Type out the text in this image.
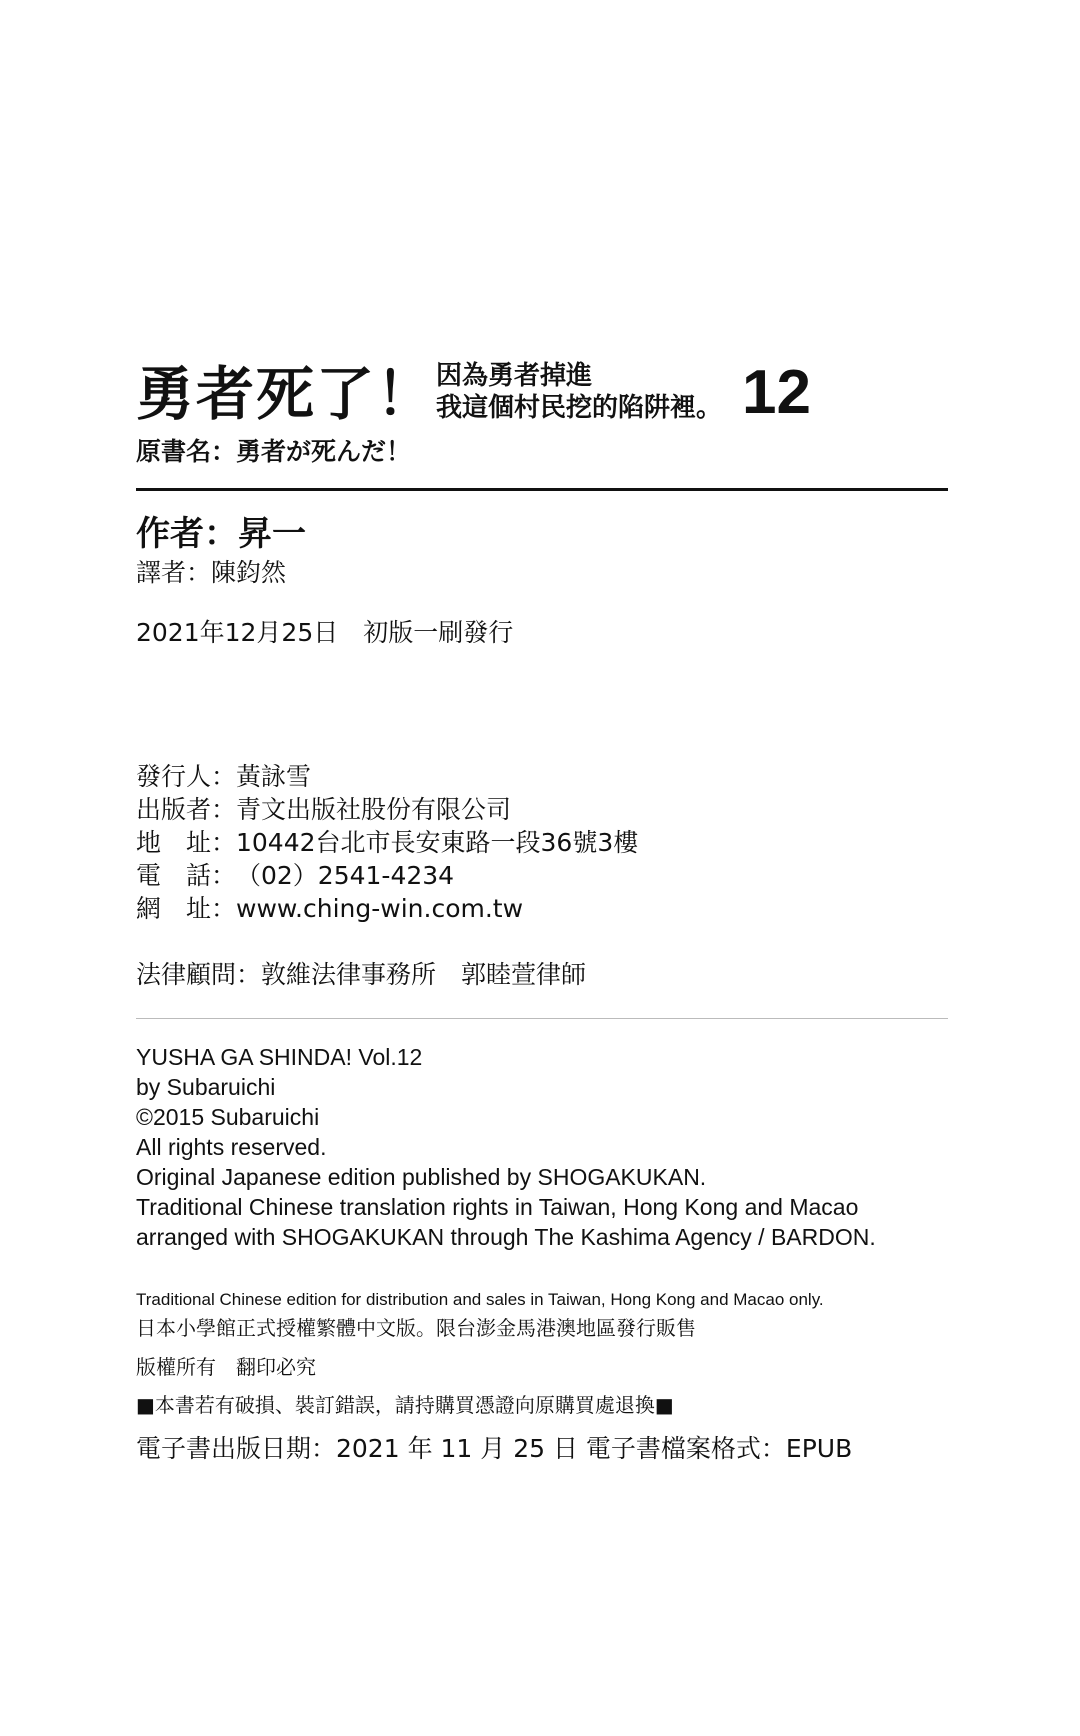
勇者死了！ 因為勇者掉進
我這個村民挖的陷阱裡。 12
原書名：勇者が死んだ！
作者：昇一
譯者：陳鈞然
2021年12月25日　初版一刷發行
發行人： 黃詠雪
出版者： 青文出版社股份有限公司
地　址： 10442台北市長安東路一段36號3樓
電　話： （02）2541-4234
網　址： www.ching-win.com.tw
法律顧問：敦維法律事務所　郭睦萱律師
YUSHA GA SHINDA! Vol.12
by Subaruichi
©2015 Subaruichi
All rights reserved.
Original Japanese edition published by SHOGAKUKAN.
Traditional Chinese translation rights in Taiwan, Hong Kong and Macao
arranged with SHOGAKUKAN through The Kashima Agency / BARDON.
Traditional Chinese edition for distribution and sales in Taiwan, Hong Kong and Macao only.
日本小學館正式授權繁體中文版。限台澎金馬港澳地區發行販售
版權所有　翻印必究
■本書若有破損、裝訂錯誤，請持購買憑證向原購買處退換■
電子書出版日期：2021 年 11 月 25 日 電子書檔案格式：EPUB
